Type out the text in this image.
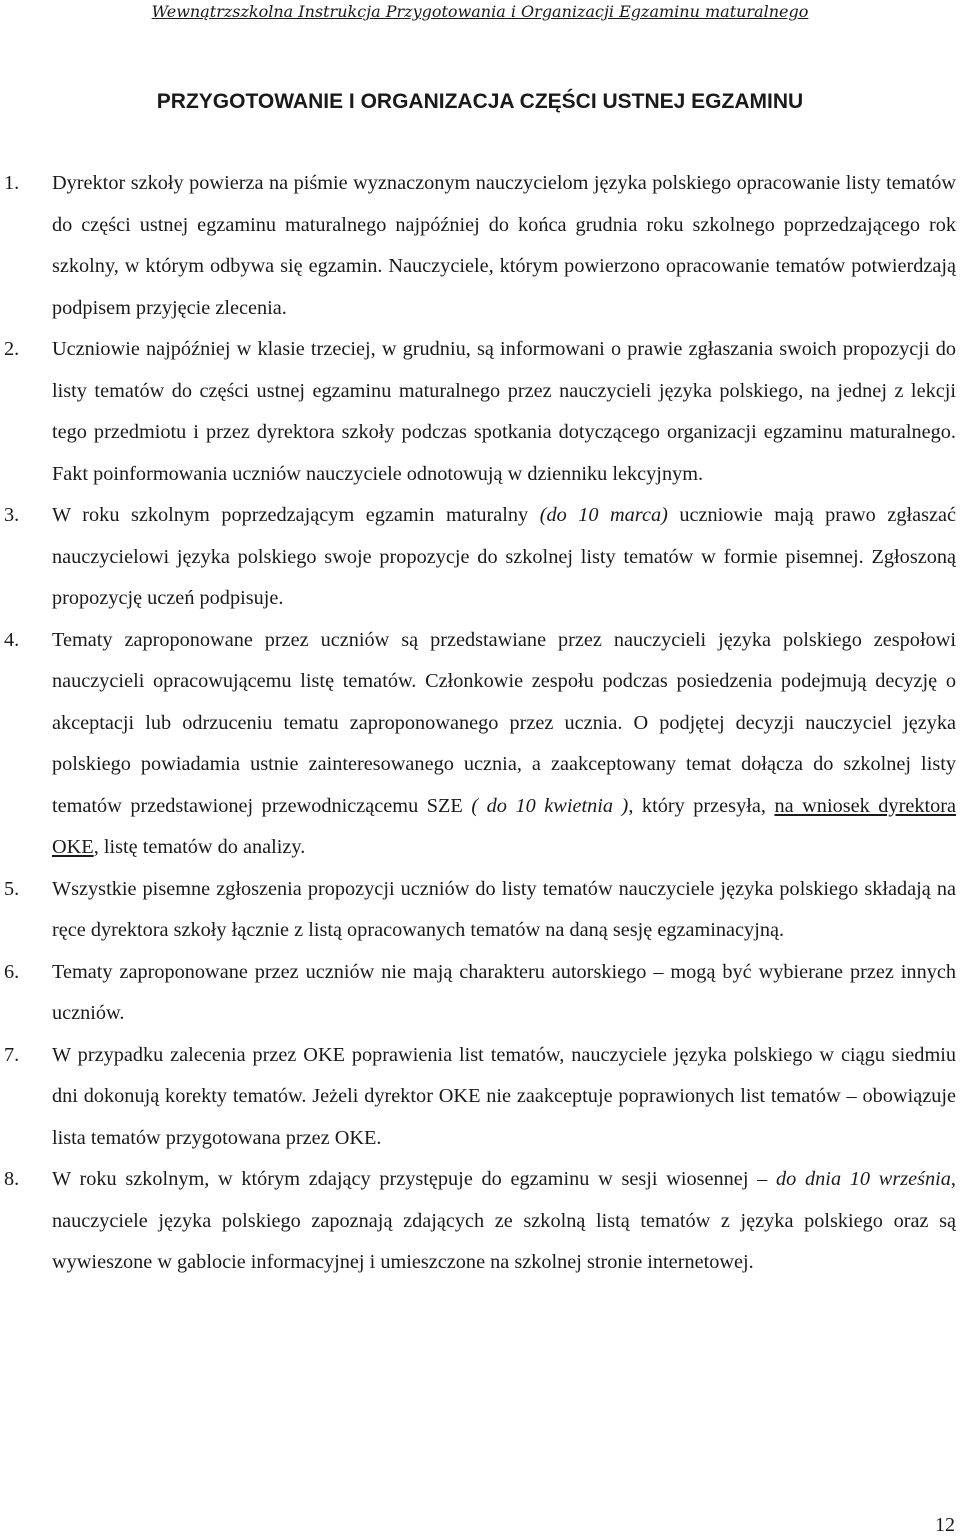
Wewnątrzszkolna Instrukcja Przygotowania i Organizacji Egzaminu maturalnego
PRZYGOTOWANIE I ORGANIZACJA CZĘŚCI USTNEJ EGZAMINU
1. Dyrektor szkoły powierza na piśmie wyznaczonym nauczycielom języka polskiego opracowanie listy tematów do części ustnej egzaminu maturalnego najpóźniej do końca grudnia roku szkolnego poprzedzającego rok szkolny, w którym odbywa się egzamin. Nauczyciele, którym powierzono opracowanie tematów potwierdzają podpisem przyjęcie zlecenia.
2. Uczniowie najpóźniej w klasie trzeciej, w grudniu, są informowani o prawie zgłaszania swoich propozycji do listy tematów do części ustnej egzaminu maturalnego przez nauczycieli języka polskiego, na jednej z lekcji tego przedmiotu i przez dyrektora szkoły podczas spotkania dotyczącego organizacji egzaminu maturalnego. Fakt poinformowania uczniów nauczyciele odnotowują w dzienniku lekcyjnym.
3. W roku szkolnym poprzedzającym egzamin maturalny (do 10 marca) uczniowie mają prawo zgłaszać nauczycielowi języka polskiego swoje propozycje do szkolnej listy tematów w formie pisemnej. Zgłoszoną propozycję uczeń podpisuje.
4. Tematy zaproponowane przez uczniów są przedstawiane przez nauczycieli języka polskiego zespołowi nauczycieli opracowującemu listę tematów. Członkowie zespołu podczas posiedzenia podejmują decyzję o akceptacji lub odrzuceniu tematu zaproponowanego przez ucznia. O podjętej decyzji nauczyciel języka polskiego powiadamia ustnie zainteresowanego ucznia, a zaakceptowany temat dołącza do szkolnej listy tematów przedstawionej przewodniczącemu SZE ( do 10 kwietnia ), który przesyła, na wniosek dyrektora OKE, listę tematów do analizy.
5. Wszystkie pisemne zgłoszenia propozycji uczniów do listy tematów nauczyciele języka polskiego składają na ręce dyrektora szkoły łącznie z listą opracowanych tematów na daną sesję egzaminacyjną.
6. Tematy zaproponowane przez uczniów nie mają charakteru autorskiego – mogą być wybierane przez innych uczniów.
7. W przypadku zalecenia przez OKE poprawienia list tematów, nauczyciele języka polskiego w ciągu siedmiu dni dokonują korekty tematów. Jeżeli dyrektor OKE nie zaakceptuje poprawionych list tematów – obowiązuje lista tematów przygotowana przez OKE.
8. W roku szkolnym, w którym zdający przystępuje do egzaminu w sesji wiosennej – do dnia 10 września, nauczyciele języka polskiego zapoznają zdających ze szkolną listą tematów z języka polskiego oraz są wywieszone w gablocie informacyjnej i umieszczone na szkolnej stronie internetowej.
12
